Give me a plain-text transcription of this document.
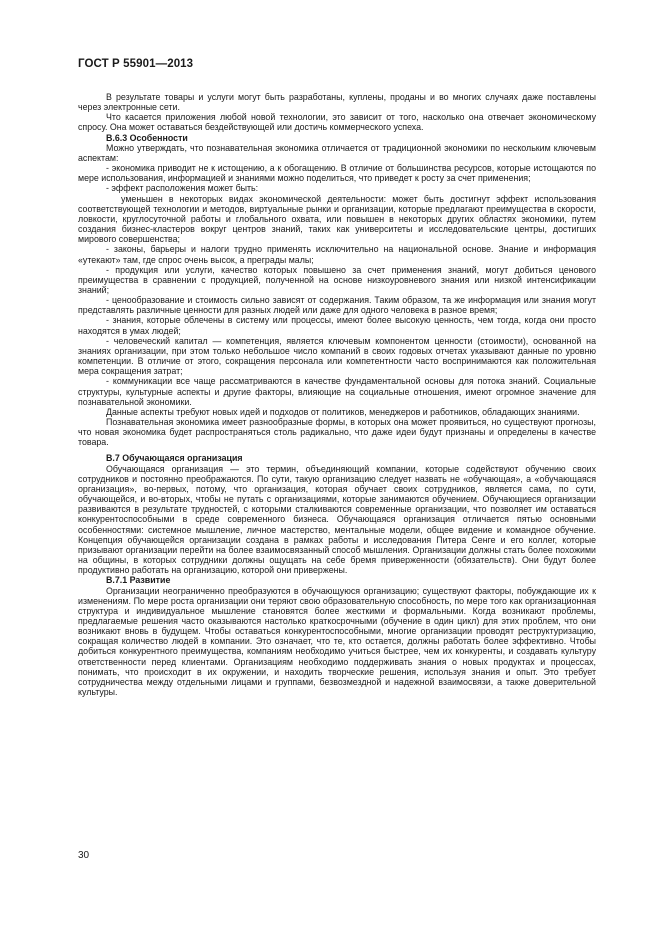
ГОСТ Р 55901—2013

В результате товары и услуги могут быть разработаны, куплены, проданы и во многих случаях даже поставлены через электронные сети.

Что касается приложения любой новой технологии, это зависит от того, насколько она отвечает экономическому спросу. Она может оставаться бездействующей или достичь коммерческого успеха.

В.6.3 Особенности

Можно утверждать, что познавательная экономика отличается от традиционной экономики по нескольким ключевым аспектам:

- экономика приводит не к истощению, а к обогащению. В отличие от большинства ресурсов, которые истощаются по мере использования, информацией и знаниями можно поделиться, что приведет к росту за счет применения;

- эффект расположения может быть:

уменьшен в некоторых видах экономической деятельности: может быть достигнут эффект использования соответствующей технологии и методов, виртуальные рынки и организации, которые предлагают преимущества в скорости, ловкости, круглосуточной работы и глобального охвата, или повышен в некоторых других областях экономики, путем создания бизнес-кластеров вокруг центров знаний, таких как университеты и исследовательские центры, достигших мирового совершенства;

- законы, барьеры и налоги трудно применять исключительно на национальной основе. Знание и информация «утекают» там, где спрос очень высок, а преграды малы;

- продукция или услуги, качество которых повышено за счет применения знаний, могут добиться ценового преимущества в сравнении с продукцией, полученной на основе низкоуровневого знания или низкой интенсификации знаний;

- ценообразование и стоимость сильно зависят от содержания. Таким образом, та же информация или знания могут представлять различные ценности для разных людей или даже для одного человека в разное время;

- знания, которые облечены в систему или процессы, имеют более высокую ценность, чем тогда, когда они просто находятся в умах людей;

- человеческий капитал — компетенция, является ключевым компонентом ценности (стоимости), основанной на знаниях организации, при этом только небольшое число компаний в своих годовых отчетах указывают данные по уровню компетенции. В отличие от этого, сокращения персонала или компетентности часто воспринимаются как положительная мера сокращения затрат;

- коммуникации все чаще рассматриваются в качестве фундаментальной основы для потока знаний. Социальные структуры, культурные аспекты и другие факторы, влияющие на социальные отношения, имеют огромное значение для познавательной экономики.

Данные аспекты требуют новых идей и подходов от политиков, менеджеров и работников, обладающих знаниями.

Познавательная экономика имеет разнообразные формы, в которых она может проявиться, но существуют прогнозы, что новая экономика будет распространяться столь радикально, что даже идеи будут признаны и определены в качестве товара.

В.7 Обучающаяся организация

Обучающаяся организация — это термин, объединяющий компании, которые содействуют обучению своих сотрудников и постоянно преображаются. По сути, такую организацию следует назвать не «обучающая», а «обучающаяся организация», во-первых, потому, что организация, которая обучает своих сотрудников, является сама, по сути, обучающейся, и во-вторых, чтобы не путать с организациями, которые занимаются обучением. Обучающиеся организации развиваются в результате трудностей, с которыми сталкиваются современные организации, что позволяет им оставаться конкурентоспособными в среде современного бизнеса. Обучающаяся организация отличается пятью основными особенностями: системное мышление, личное мастерство, ментальные модели, общее видение и командное обучение. Концепция обучающейся организации создана в рамках работы и исследования Питера Сенге и его коллег, которые призывают организации перейти на более взаимосвязанный способ мышления. Организации должны стать более похожими на общины, в которых сотрудники должны ощущать на себе бремя приверженности (обязательств). Они будут более продуктивно работать на организацию, которой они привержены.

В.7.1 Развитие

Организации неограниченно преобразуются в обучающуюся организацию; существуют факторы, побуждающие их к изменениям. По мере роста организации они теряют свою образовательную способность, по мере того как организационная структура и индивидуальное мышление становятся более жесткими и формальными. Когда возникают проблемы, предлагаемые решения часто оказываются настолько краткосрочными (обучение в один цикл) для этих проблем, что они возникают вновь в будущем. Чтобы оставаться конкурентоспособными, многие организации проводят реструктуризацию, сокращая количество людей в компании. Это означает, что те, кто остается, должны работать более эффективно. Чтобы добиться конкурентного преимущества, компаниям необходимо учиться быстрее, чем их конкуренты, и создавать культуру ответственности перед клиентами. Организациям необходимо поддерживать знания о новых продуктах и процессах, понимать, что происходит в их окружении, и находить творческие решения, используя знания и опыт. Это требует сотрудничества между отдельными лицами и группами, безвозмездной и надежной взаимосвязи, а также доверительной культуры.

30
